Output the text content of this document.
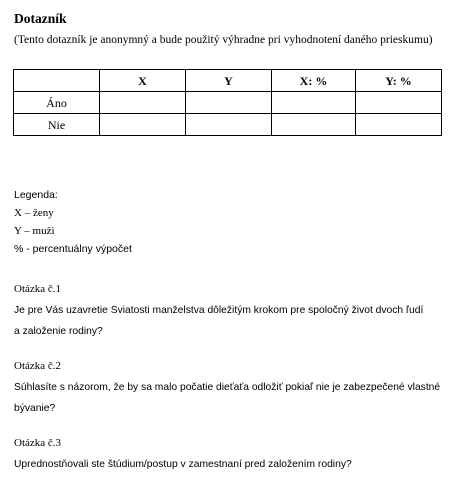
Dotazník
(Tento dotazník je anonymný a bude použitý výhradne pri vyhodnotení daného prieskumu)
	X	Y	X: %	Y: %
Áno				
Nie				
Legenda:
X – ženy
Y – muži
% - percentuálny výpočet
Otázka č.1
Je pre Vás uzavretie Sviatosti manželstva dôležitým krokom pre spoločný život dvoch ľudí
a založenie rodiny?
Otázka č.2
Súhlasíte s názorom, že by sa malo počatie dieťaťa odložiť pokiaľ nie je zabezpečené vlastné
bývanie?
Otázka č.3
Uprednostňovali ste štúdium/postup v zamestnaní pred založením rodiny?
